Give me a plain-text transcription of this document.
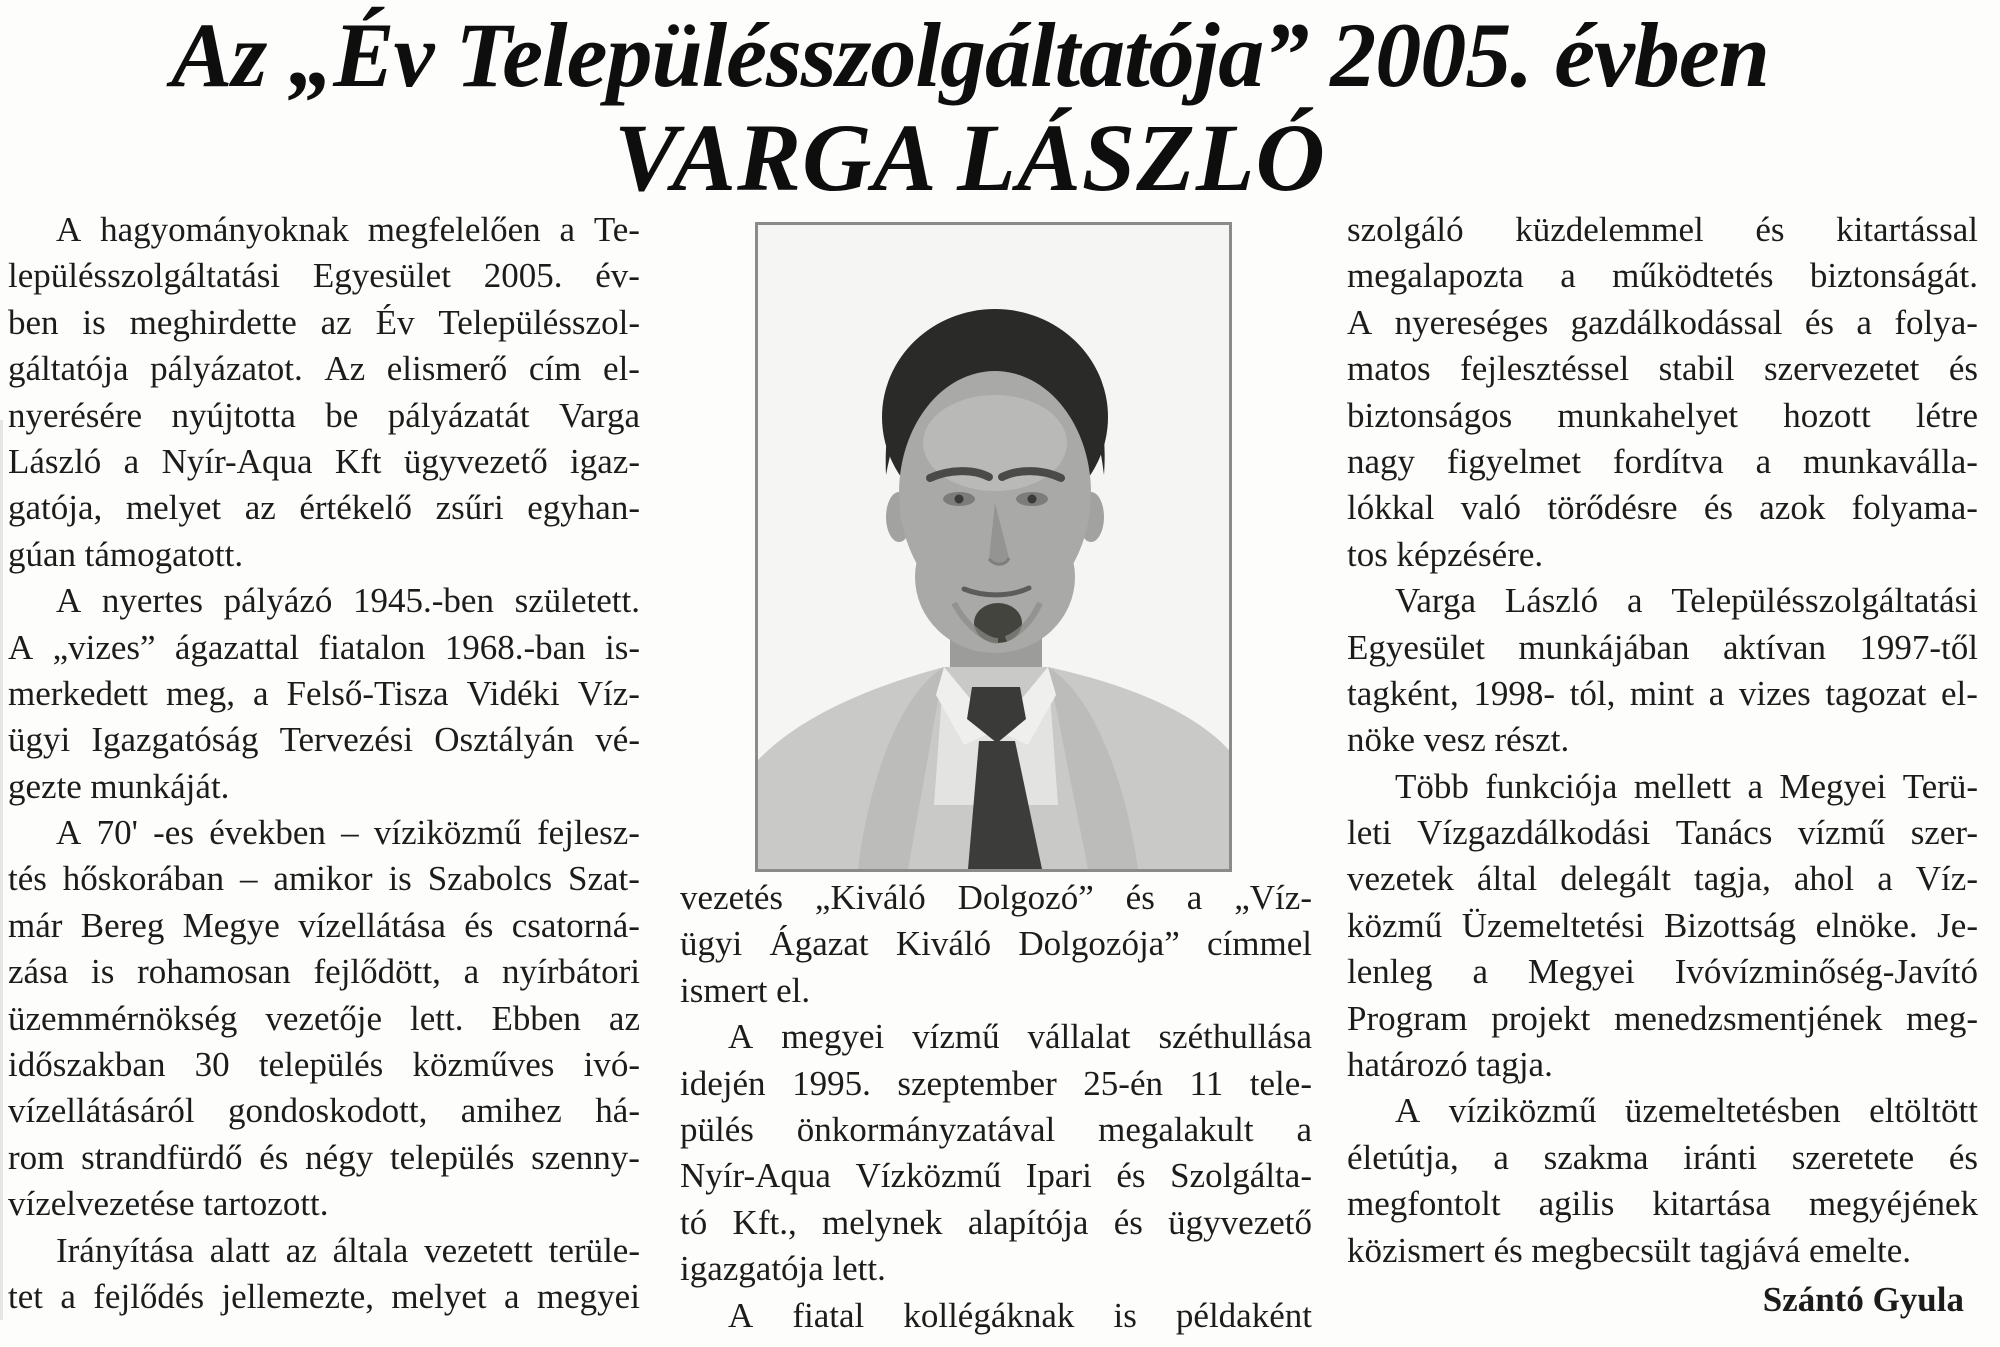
Az „Év Településszolgáltatója” 2005. évben
VARGA LÁSZLÓ
A hagyományoknak megfelelően a Te-
lepülésszolgáltatási Egyesület 2005. év-
ben is meghirdette az Év Településszol-
gáltatója pályázatot. Az elismerő cím el-
nyerésére nyújtotta be pályázatát Varga
László a Nyír-Aqua Kft ügyvezető igaz-
gatója, melyet az értékelő zsűri egyhan-
gúan támogatott.
A nyertes pályázó 1945.-ben született.
A „vizes” ágazattal fiatalon 1968.-ban is-
merkedett meg, a Felső-Tisza Vidéki Víz-
ügyi Igazgatóság Tervezési Osztályán vé-
gezte munkáját.
A 70' -es években – víziközmű fejlesz-
tés hőskorában – amikor is Szabolcs Szat-
már Bereg Megye vízellátása és csatorná-
zása is rohamosan fejlődött, a nyírbátori
üzemmérnökség vezetője lett. Ebben az
időszakban 30 település közműves ivó-
vízellátásáról gondoskodott, amihez há-
rom strandfürdő és négy település szenny-
vízelvezetése tartozott.
Irányítása alatt az általa vezetett terüle-
tet a fejlődés jellemezte, melyet a megyei
vezetés „Kiváló Dolgozó” és a „Víz-
ügyi Ágazat Kiváló Dolgozója” címmel
ismert el.
A megyei vízmű vállalat széthullása
idején 1995. szeptember 25-én 11 tele-
pülés önkormányzatával megalakult a
Nyír-Aqua Vízközmű Ipari és Szolgálta-
tó Kft., melynek alapítója és ügyvezető
igazgatója lett.
A fiatal kollégáknak is példaként
szolgáló küzdelemmel és kitartással
megalapozta a működtetés biztonságát.
A nyereséges gazdálkodással és a folya-
matos fejlesztéssel stabil szervezetet és
biztonságos munkahelyet hozott létre
nagy figyelmet fordítva a munkaválla-
lókkal való törődésre és azok folyama-
tos képzésére.
Varga László a Településszolgáltatási
Egyesület munkájában aktívan 1997-től
tagként, 1998- tól, mint a vizes tagozat el-
nöke vesz részt.
Több funkciója mellett a Megyei Terü-
leti Vízgazdálkodási Tanács vízmű szer-
vezetek által delegált tagja, ahol a Víz-
közmű Üzemeltetési Bizottság elnöke. Je-
lenleg a Megyei Ivóvízminőség-Javító
Program projekt menedzsmentjének meg-
határozó tagja.
A víziközmű üzemeltetésben eltöltött
életútja, a szakma iránti szeretete és
megfontolt agilis kitartása megyéjének
közismert és megbecsült tagjává emelte.
Szántó Gyula
